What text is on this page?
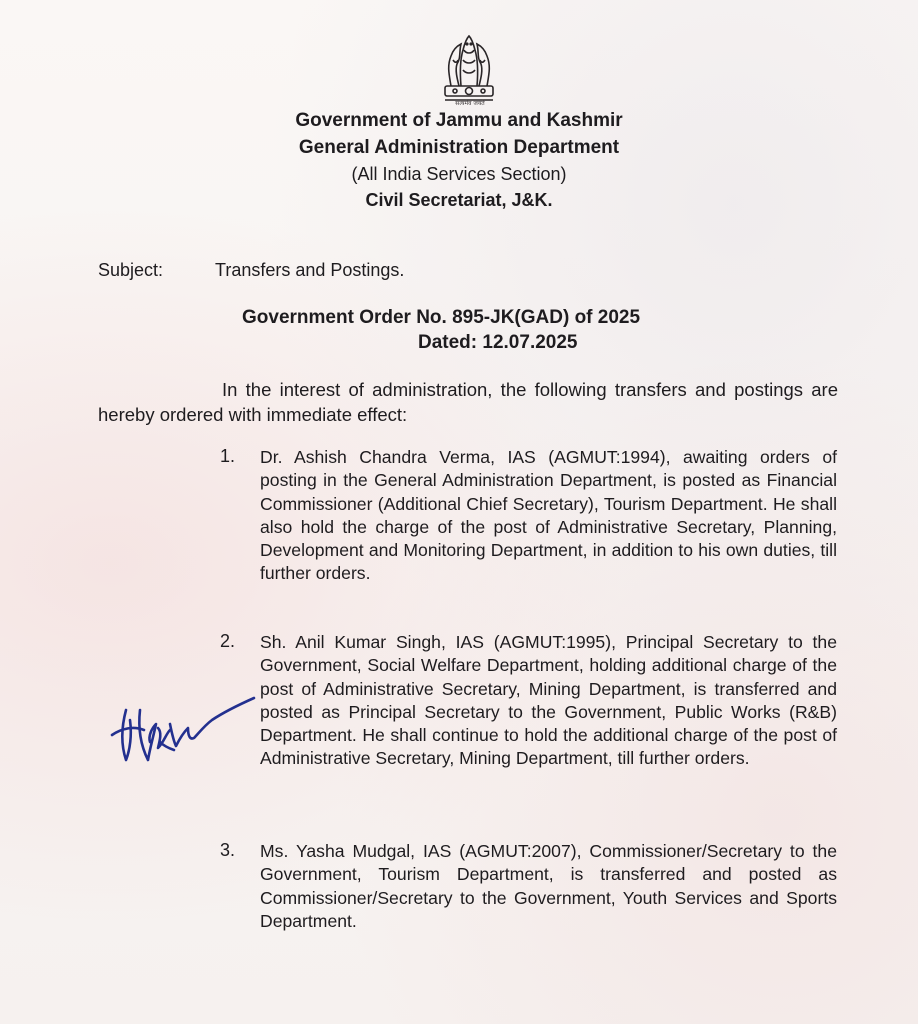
सत्यमेव जयते
Government of Jammu and Kashmir
General Administration Department
(All India Services Section)
Civil Secretariat, J&K.
Subject:	Transfers and Postings.
Government Order No. 895-JK(GAD) of 2025
Dated: 12.07.2025
In the interest of administration, the following transfers and postings are hereby ordered with immediate effect:
1. Dr. Ashish Chandra Verma, IAS (AGMUT:1994), awaiting orders of posting in the General Administration Department, is posted as Financial Commissioner (Additional Chief Secretary), Tourism Department. He shall also hold the charge of the post of Administrative Secretary, Planning, Development and Monitoring Department, in addition to his own duties, till further orders.
2. Sh. Anil Kumar Singh, IAS (AGMUT:1995), Principal Secretary to the Government, Social Welfare Department, holding additional charge of the post of Administrative Secretary, Mining Department, is transferred and posted as Principal Secretary to the Government, Public Works (R&B) Department. He shall continue to hold the additional charge of the post of Administrative Secretary, Mining Department, till further orders.
3. Ms. Yasha Mudgal, IAS (AGMUT:2007), Commissioner/Secretary to the Government, Tourism Department, is transferred and posted as Commissioner/Secretary to the Government, Youth Services and Sports Department.
